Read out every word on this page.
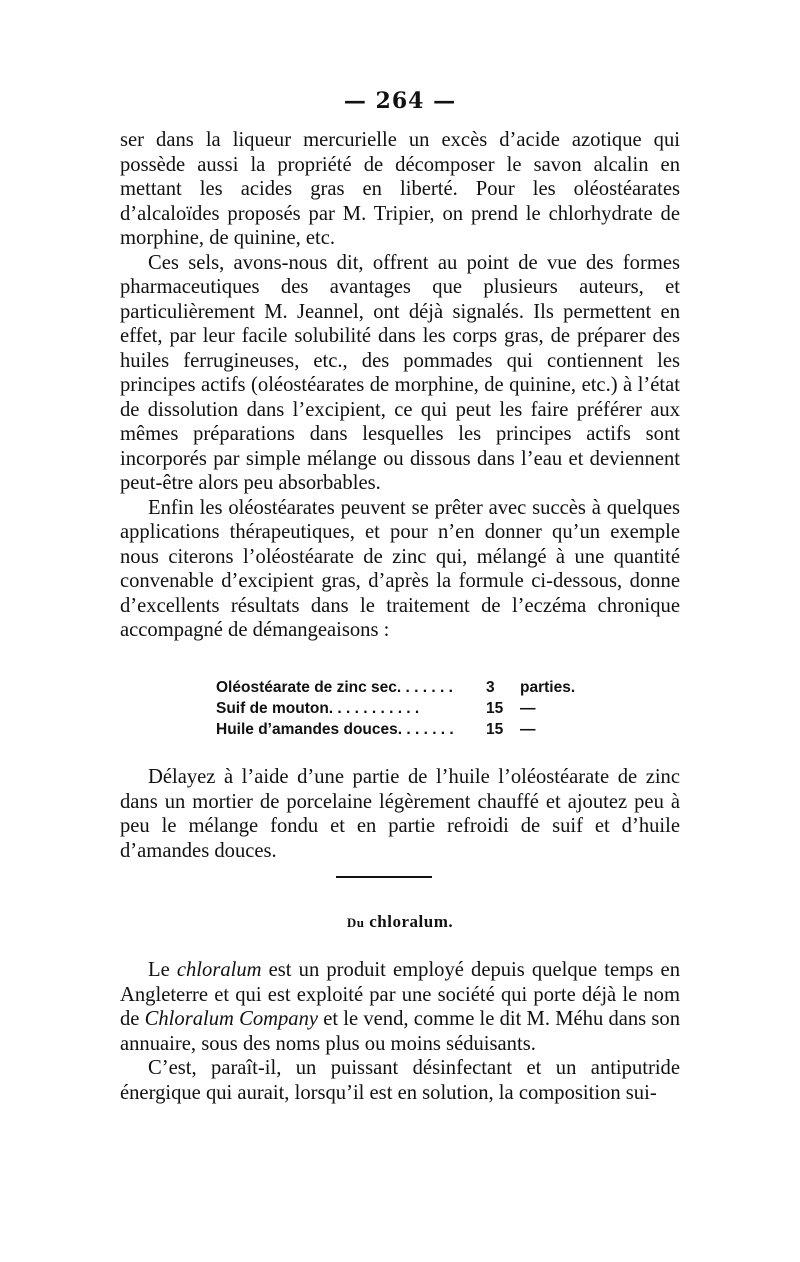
— 264 —

ser dans la liqueur mercurielle un excès d’acide azotique qui possède aussi la propriété de décomposer le savon alcalin en mettant les acides gras en liberté. Pour les oléostéarates d’alcaloïdes proposés par M. Tripier, on prend le chlorhydrate de morphine, de quinine, etc.

Ces sels, avons-nous dit, offrent au point de vue des formes pharmaceutiques des avantages que plusieurs auteurs, et particulièrement M. Jeannel, ont déjà signalés. Ils permettent en effet, par leur facile solubilité dans les corps gras, de préparer des huiles ferrugineuses, etc., des pommades qui contiennent les principes actifs (oléostéarates de morphine, de quinine, etc.) à l’état de dissolution dans l’excipient, ce qui peut les faire préférer aux mêmes préparations dans lesquelles les principes actifs sont incorporés par simple mélange ou dissous dans l’eau et deviennent peut-être alors peu absorbables.

Enfin les oléostéarates peuvent se prêter avec succès à quelques applications thérapeutiques, et pour n’en donner qu’un exemple nous citerons l’oléostéarate de zinc qui, mélangé à une quantité convenable d’excipient gras, d’après la formule ci-dessous, donne d’excellents résultats dans le traitement de l’eczéma chronique accompagné de démangeaisons :

Oléostéarate de zinc sec. . . . . . .	3	parties.
Suif de mouton. . . . . . . . . . .	15	—
Huile d’amandes douces. . . . . . .	15	—

Délayez à l’aide d’une partie de l’huile l’oléostéarate de zinc dans un mortier de porcelaine légèrement chauffé et ajoutez peu à peu le mélange fondu et en partie refroidi de suif et d’huile d’amandes douces.

Du chloralum.

Le chloralum est un produit employé depuis quelque temps en Angleterre et qui est exploité par une société qui porte déjà le nom de Chloralum Company et le vend, comme le dit M. Méhu dans son annuaire, sous des noms plus ou moins séduisants.

C’est, paraît-il, un puissant désinfectant et un antiputride énergique qui aurait, lorsqu’il est en solution, la composition sui-
